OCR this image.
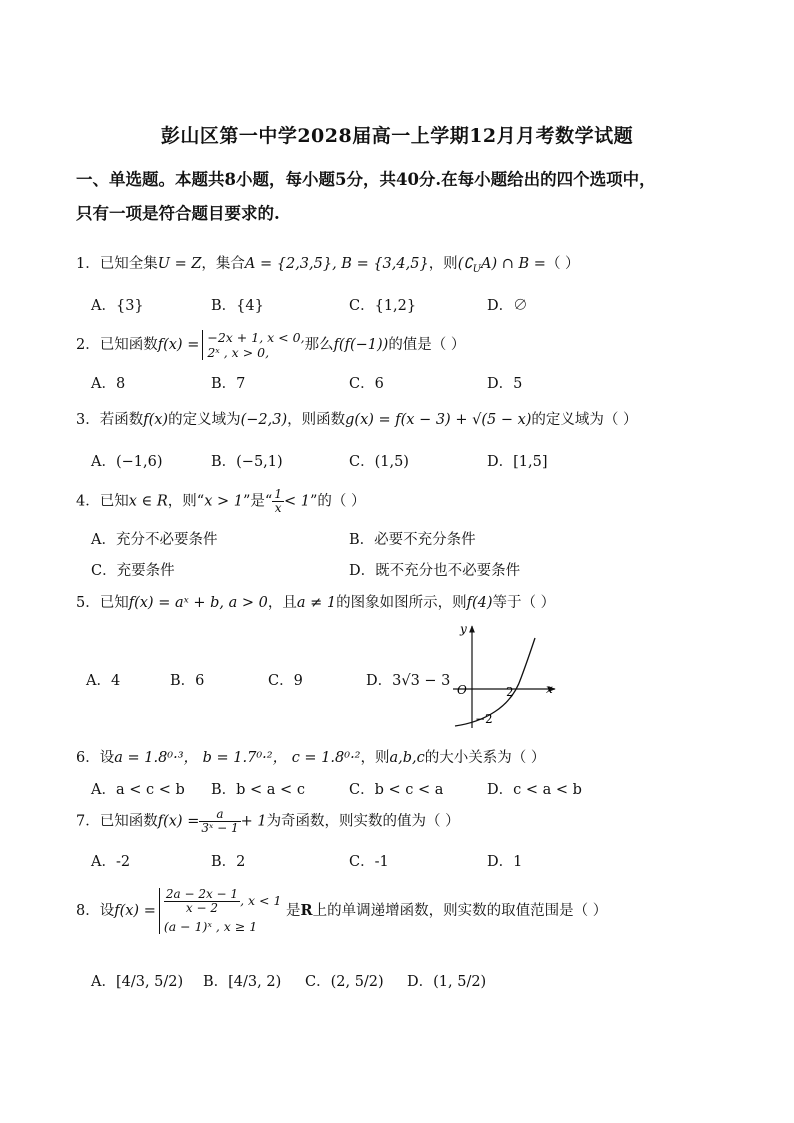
彭山区第一中学2028届高一上学期12月月考数学试题
一、单选题。本题共8小题，每小题5分，共40分.在每小题给出的四个选项中，
只有一项是符合题目要求的.
1．已知全集U = Z，集合A = {2,3,5}, B = {3,4,5}，则$(∁_UA)$ ∩ B =（ ）
A．{3}	B．{4}	C．{1,2}	D．∅
2．已知函数f(x) = −2x + 1, x < 0,
2ˣ , x > 0,	那么f(f(−1))的值是（ ）
A．8	B．7	C．6	D．5
3．若函数f(x)的定义域为(−2,3)，则函数g(x) = f(x − 3) + √(5 − x)的定义域为（ ）
A．(−1,6)	B．(−5,1)	C．(1,5)	D．[1,5]
4．已知x ∈ R，则“x > 1”是“ $\frac{1}{x} < 1$”的（ ）
A．充分不必要条件	B．必要不充分条件
C．充要条件	D．既不充分也不必要条件
5．已知f(x) = aˣ + b, a > 0，且a ≠ 1的图象如图所示，则f(4)等于（ ）
A．4	B．6	C．9	D．3√3 − 3
y
x
O	2
−2
6．设a = 1.8⁰·³， b = 1.7⁰·²， c = 1.8⁰·²，则a,b,c的大小关系为（ ）
A．a < c < b B．b < a < c	C．b < c < a	D．c < a < b
7．已知函数$f(x) = \frac{a}{\text{3ˣ − 1}} + 1$为奇函数，则实数的值为（ ）
A．-2	B．2	C．-1	D．1
8．设$f(x) = \frac{2a - 2x - 1}{x - 2}$ , x < 1
(a − 1)ˣ , x ≥ 1
是R上的单调递增函数，则实数的取值范围是（ ）
A．[4/3, 5/2) B．[4/3, 2) C．(2, 5/2) D．(1, 5/2)
